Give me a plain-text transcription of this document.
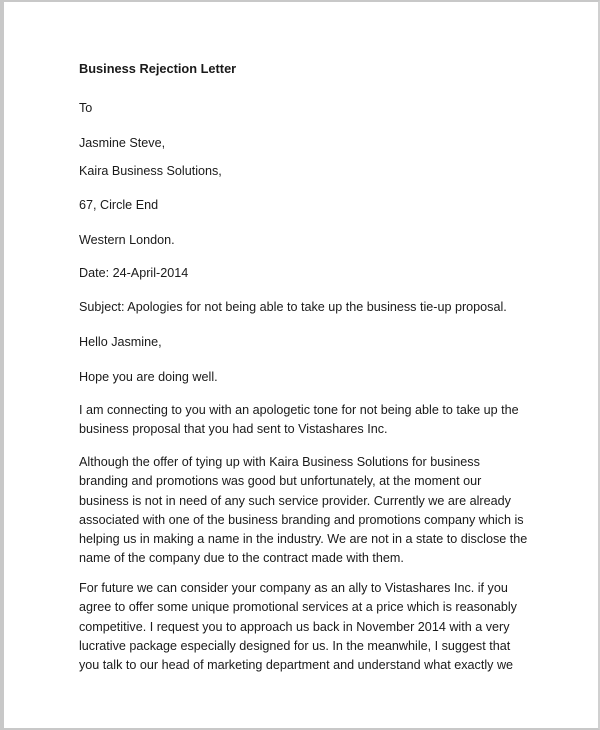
Business Rejection Letter
To
Jasmine Steve,
Kaira Business Solutions,
67, Circle End
Western London.
Date: 24-April-2014
Subject: Apologies for not being able to take up the business tie-up proposal.
Hello Jasmine,
Hope you are doing well.
I am connecting to you with an apologetic tone for not being able to take up the
business proposal that you had sent to Vistashares Inc.
Although the offer of tying up with Kaira Business Solutions for business
branding and promotions was good but unfortunately, at the moment our
business is not in need of any such service provider. Currently we are already
associated with one of the business branding and promotions company which is
helping us in making a name in the industry. We are not in a state to disclose the
name of the company due to the contract made with them.
For future we can consider your company as an ally to Vistashares Inc. if you
agree to offer some unique promotional services at a price which is reasonably
competitive. I request you to approach us back in November 2014 with a very
lucrative package especially designed for us. In the meanwhile, I suggest that
you talk to our head of marketing department and understand what exactly we
